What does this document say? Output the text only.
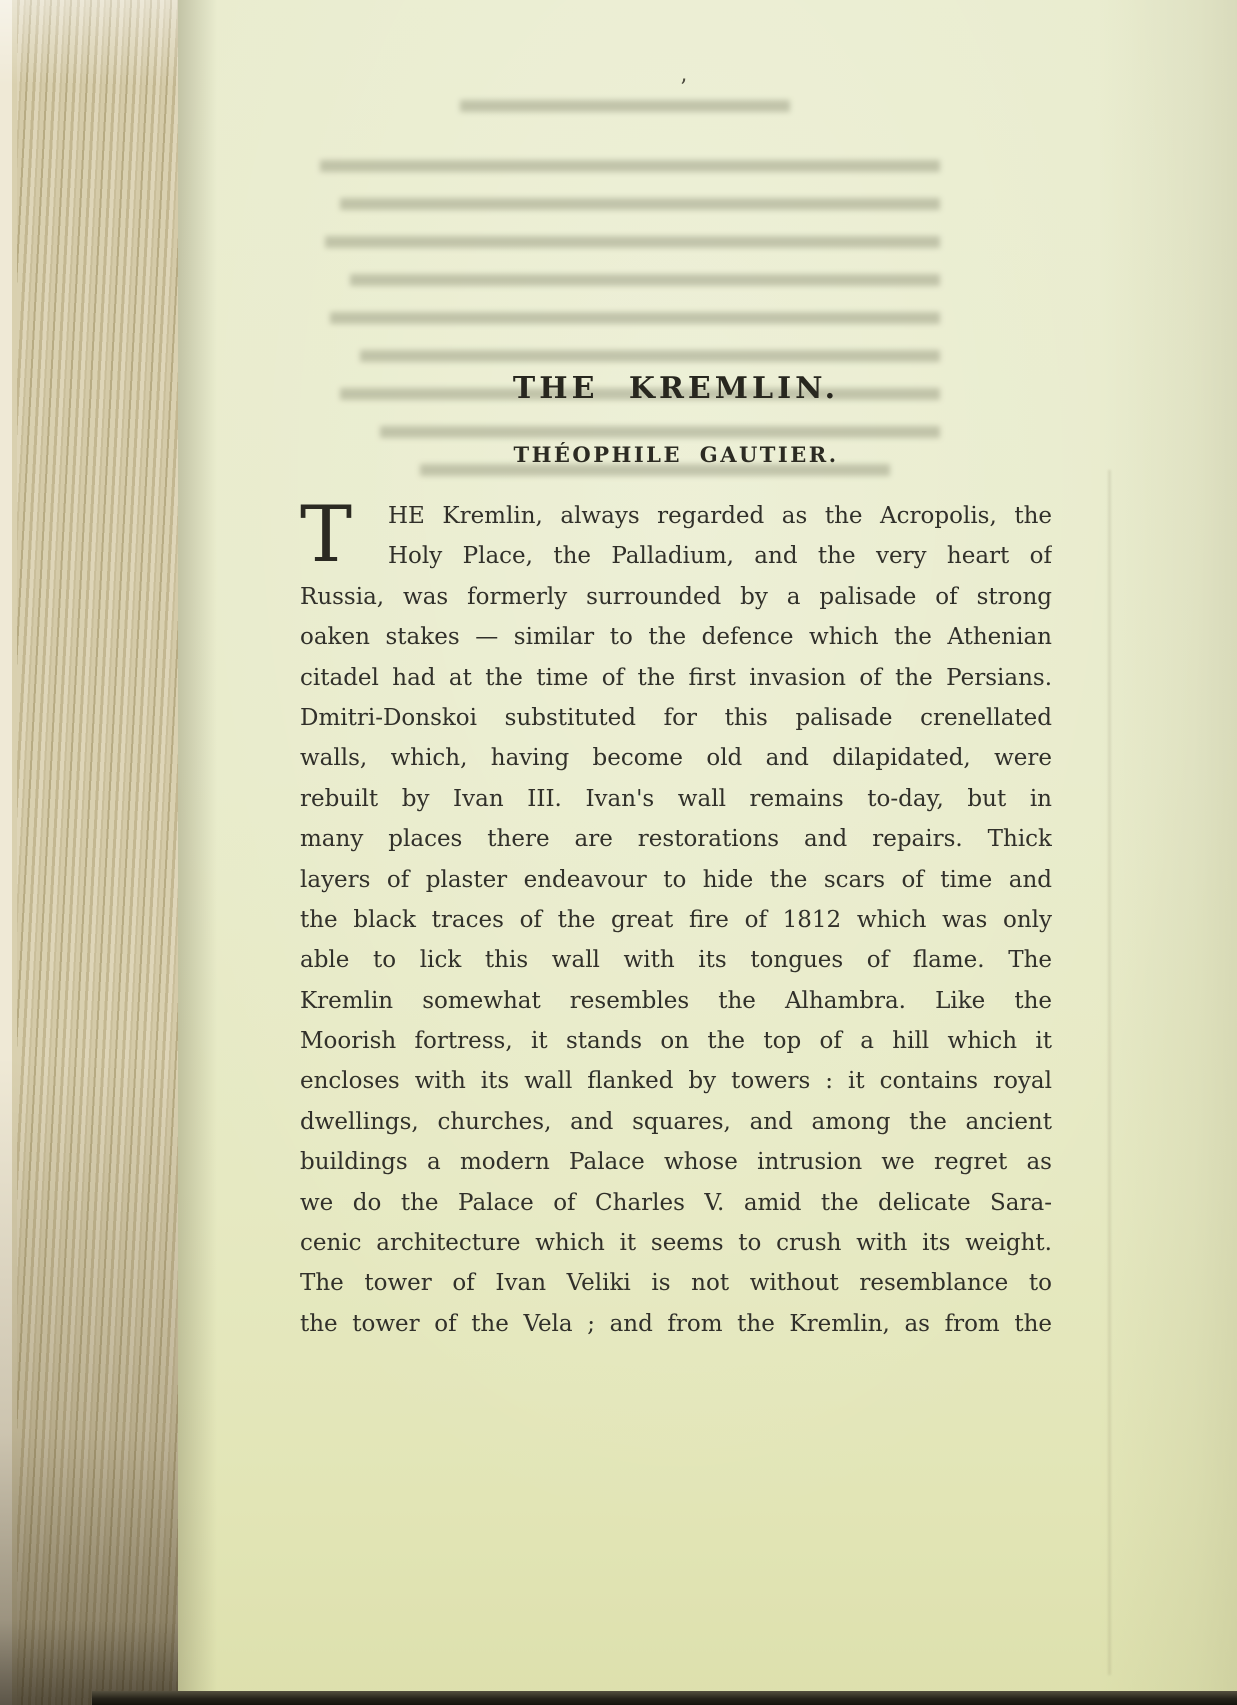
’
THE KREMLIN.
THÉOPHILE GAUTIER.
T	HE Kremlin, always regarded as the Acropolis, the
Holy Place, the Palladium, and the very heart of
Russia, was formerly surrounded by a palisade of strong
oaken stakes — similar to the defence which the Athenian
citadel had at the time of the first invasion of the Persians.
Dmitri-Donskoi substituted for this palisade crenellated
walls, which, having become old and dilapidated, were
rebuilt by Ivan III. Ivan's wall remains to-day, but in
many places there are restorations and repairs. Thick
layers of plaster endeavour to hide the scars of time and
the black traces of the great fire of 1812 which was only
able to lick this wall with its tongues of flame. The
Kremlin somewhat resembles the Alhambra. Like the
Moorish fortress, it stands on the top of a hill which it
encloses with its wall flanked by towers : it contains royal
dwellings, churches, and squares, and among the ancient
buildings a modern Palace whose intrusion we regret as
we do the Palace of Charles V. amid the delicate Sara-
cenic architecture which it seems to crush with its weight.
The tower of Ivan Veliki is not without resemblance to
the tower of the Vela ; and from the Kremlin, as from the
